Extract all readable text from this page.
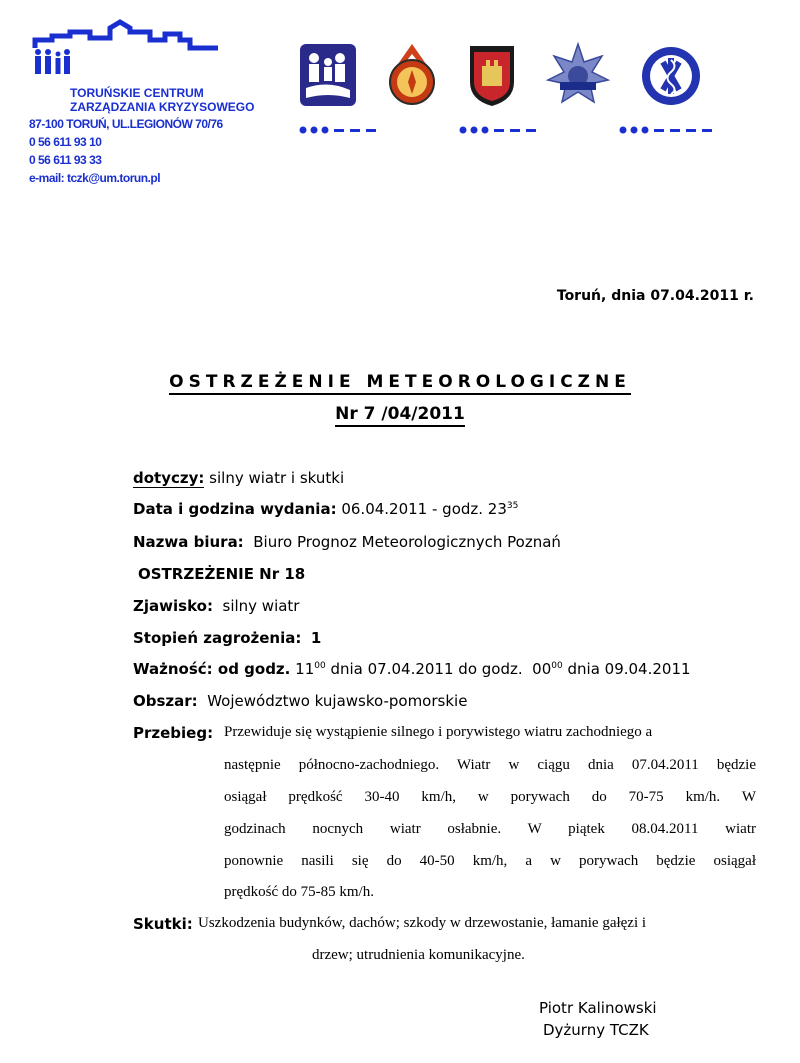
TORUŃSKIE CENTRUM
ZARZĄDZANIA KRYZYSOWEGO
87-100 TORUŃ, UL.LEGIONÓW 70/76
0 56 611 93 10
0 56 611 93 33
e-mail: tczk@um.torun.pl
Toruń, dnia 07.04.2011 r.
OSTRZEŻENIE METEOROLOGICZNE
Nr 7 /04/2011
dotyczy: silny wiatr i skutki
Data i godzina wydania: 06.04.2011 - godz. $23^{35}$
Nazwa biura: Biuro Prognoz Meteorologicznych Poznań
OSTRZEŻENIE Nr 18
Zjawisko: silny wiatr
Stopień zagrożenia: 1
Ważność: od godz. $11^{00}$ dnia 07.04.2011 do godz. $00^{00}$ dnia 09.04.2011
Obszar: Województwo kujawsko-pomorskie
Przebieg: Przewiduje się wystąpienie silnego i porywistego wiatru zachodniego a
następnie północno-zachodniego. Wiatr w ciągu dnia 07.04.2011 będzie
osiągał prędkość 30-40 km/h, w porywach do 70-75 km/h. W
godzinach nocnych wiatr osłabnie. W piątek 08.04.2011 wiatr
ponownie nasili się do 40-50 km/h, a w porywach będzie osiągał
prędkość do 75-85 km/h.
Skutki: Uszkodzenia budynków, dachów; szkody w drzewostanie, łamanie gałęzi i
drzew; utrudnienia komunikacyjne.
Piotr Kalinowski
Dyżurny TCZK
